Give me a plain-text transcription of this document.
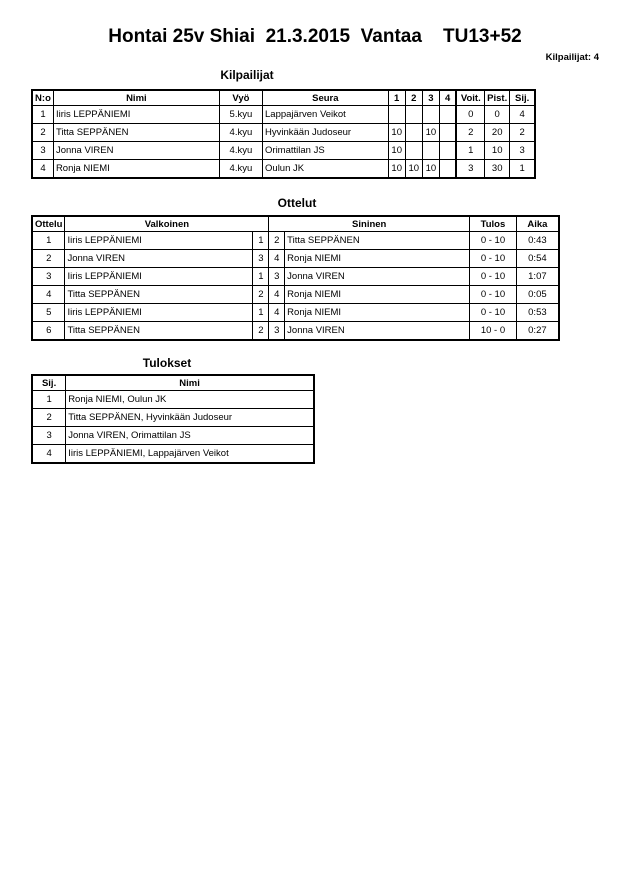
Hontai 25v Shiai  21.3.2015  Vantaa    TU13+52
Kilpailijat: 4
Kilpailijat
N:o	Nimi	Vyö	Seura	1	2	3	4	Voit.	Pist.	Sij.
1	Iiris LEPPÄNIEMI	5.kyu	Lappajärven Veikot					0	0	4
2	Titta SEPPÄNEN	4.kyu	Hyvinkään Judoseur	10		10		2	20	2
3	Jonna VIREN	4.kyu	Orimattilan JS	10				1	10	3
4	Ronja NIEMI	4.kyu	Oulun JK	10	10	10		3	30	1
Ottelut
Ottelu	Valkoinen		Sininen		Tulos	Aika
1	Iiris LEPPÄNIEMI	1	2	Titta SEPPÄNEN	0 - 10	0:43
2	Jonna VIREN	3	4	Ronja NIEMI	0 - 10	0:54
3	Iiris LEPPÄNIEMI	1	3	Jonna VIREN	0 - 10	1:07
4	Titta SEPPÄNEN	2	4	Ronja NIEMI	0 - 10	0:05
5	Iiris LEPPÄNIEMI	1	4	Ronja NIEMI	0 - 10	0:53
6	Titta SEPPÄNEN	2	3	Jonna VIREN	10 - 0	0:27
Tulokset
Sij.	Nimi
1	Ronja NIEMI, Oulun JK
2	Titta SEPPÄNEN, Hyvinkään Judoseur
3	Jonna VIREN, Orimattilan JS
4	Iiris LEPPÄNIEMI, Lappajärven Veikot
